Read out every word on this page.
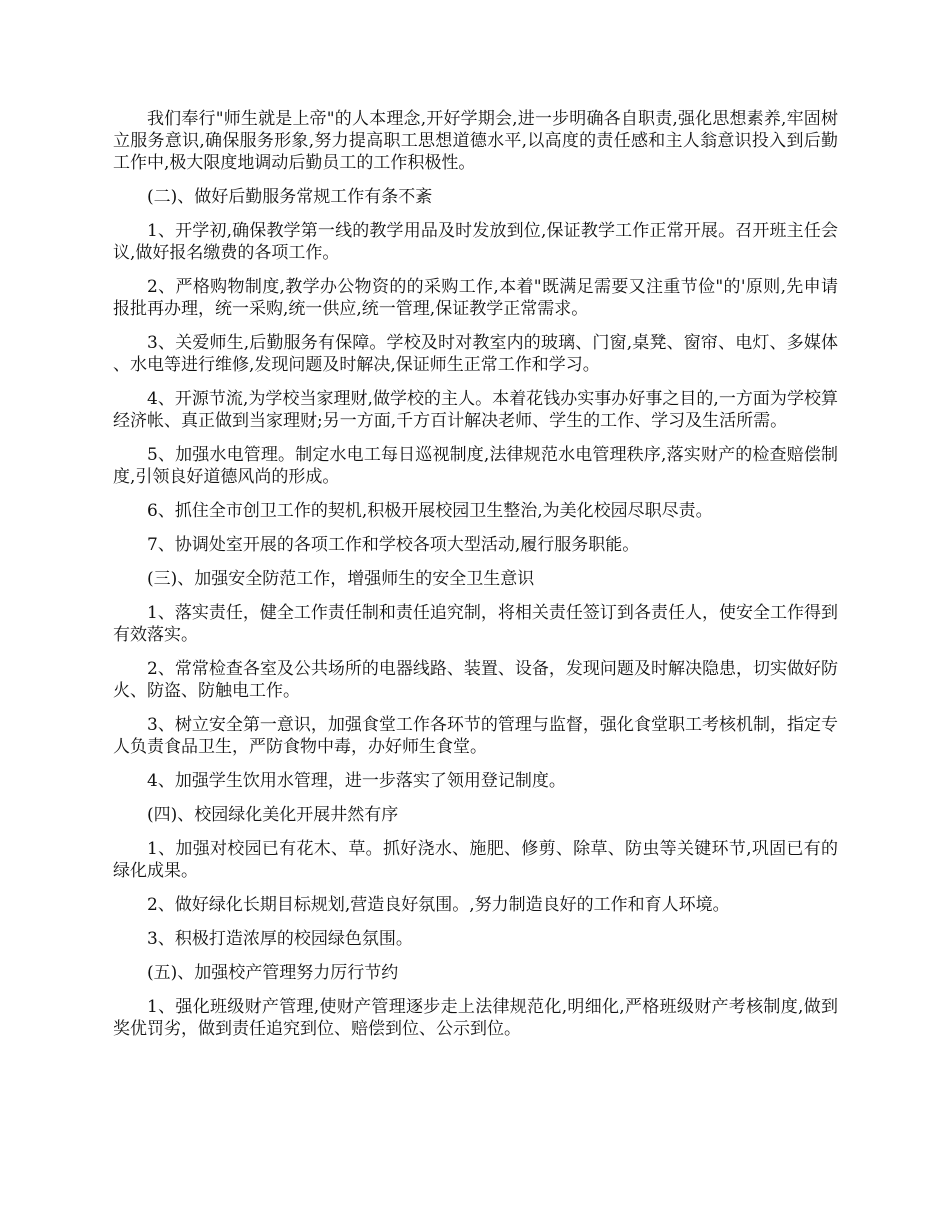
我们奉行"师生就是上帝"的人本理念,开好学期会,进一步明确各自职责,强化思想素养,牢固树立服务意识,确保服务形象,努力提高职工思想道德水平,以高度的责任感和主人翁意识投入到后勤工作中,极大限度地调动后勤员工的工作积极性。

(二)、做好后勤服务常规工作有条不紊

1、开学初,确保教学第一线的教学用品及时发放到位,保证教学工作正常开展。召开班主任会议,做好报名缴费的各项工作。

2、严格购物制度,教学办公物资的的采购工作,本着"既满足需要又注重节俭"的'原则,先申请报批再办理，统一采购,统一供应,统一管理,保证教学正常需求。

3、关爱师生,后勤服务有保障。学校及时对教室内的玻璃、门窗,桌凳、窗帘、电灯、多媒体、水电等进行维修,发现问题及时解决,保证师生正常工作和学习。

4、开源节流,为学校当家理财,做学校的主人。本着花钱办实事办好事之目的,一方面为学校算经济帐、真正做到当家理财;另一方面,千方百计解决老师、学生的工作、学习及生活所需。

5、加强水电管理。制定水电工每日巡视制度,法律规范水电管理秩序,落实财产的检查赔偿制度,引领良好道德风尚的形成。

6、抓住全市创卫工作的契机,积极开展校园卫生整治,为美化校园尽职尽责。

7、协调处室开展的各项工作和学校各项大型活动,履行服务职能。

(三)、加强安全防范工作，增强师生的安全卫生意识

1、落实责任，健全工作责任制和责任追究制，将相关责任签订到各责任人，使安全工作得到有效落实。

2、常常检查各室及公共场所的电器线路、装置、设备，发现问题及时解决隐患，切实做好防火、防盗、防触电工作。

3、树立安全第一意识，加强食堂工作各环节的管理与监督，强化食堂职工考核机制，指定专人负责食品卫生，严防食物中毒，办好师生食堂。

4、加强学生饮用水管理，进一步落实了领用登记制度。

(四)、校园绿化美化开展井然有序

1、加强对校园已有花木、草。抓好浇水、施肥、修剪、除草、防虫等关键环节,巩固已有的绿化成果。

2、做好绿化长期目标规划,营造良好氛围。,努力制造良好的工作和育人环境。

3、积极打造浓厚的校园绿色氛围。

(五)、加强校产管理努力厉行节约

1、强化班级财产管理,使财产管理逐步走上法律规范化,明细化,严格班级财产考核制度,做到奖优罚劣，做到责任追究到位、赔偿到位、公示到位。
